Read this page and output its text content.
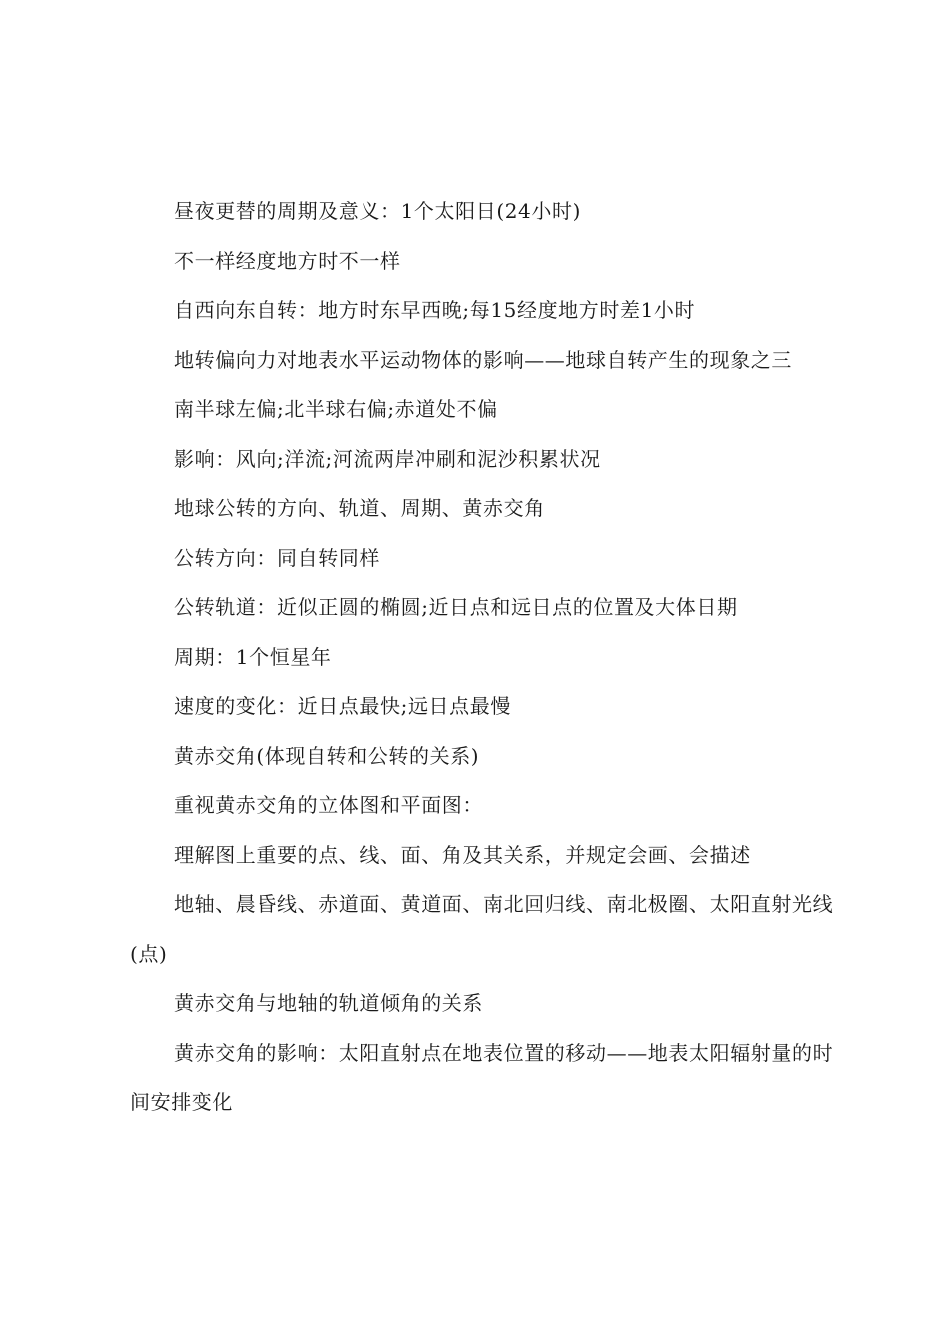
昼夜更替的周期及意义：1个太阳日(24小时)

不一样经度地方时不一样

自西向东自转：地方时东早西晚;每15经度地方时差1小时

地转偏向力对地表水平运动物体的影响——地球自转产生的现象之三

南半球左偏;北半球右偏;赤道处不偏

影响：风向;洋流;河流两岸冲刷和泥沙积累状况

地球公转的方向、轨道、周期、黄赤交角

公转方向：同自转同样

公转轨道：近似正圆的椭圆;近日点和远日点的位置及大体日期

周期：1个恒星年

速度的变化：近日点最快;远日点最慢

黄赤交角(体现自转和公转的关系)

重视黄赤交角的立体图和平面图：

理解图上重要的点、线、面、角及其关系，并规定会画、会描述

地轴、晨昏线、赤道面、黄道面、南北回归线、南北极圈、太阳直射光线(点)

黄赤交角与地轴的轨道倾角的关系

黄赤交角的影响：太阳直射点在地表位置的移动——地表太阳辐射量的时间安排变化
